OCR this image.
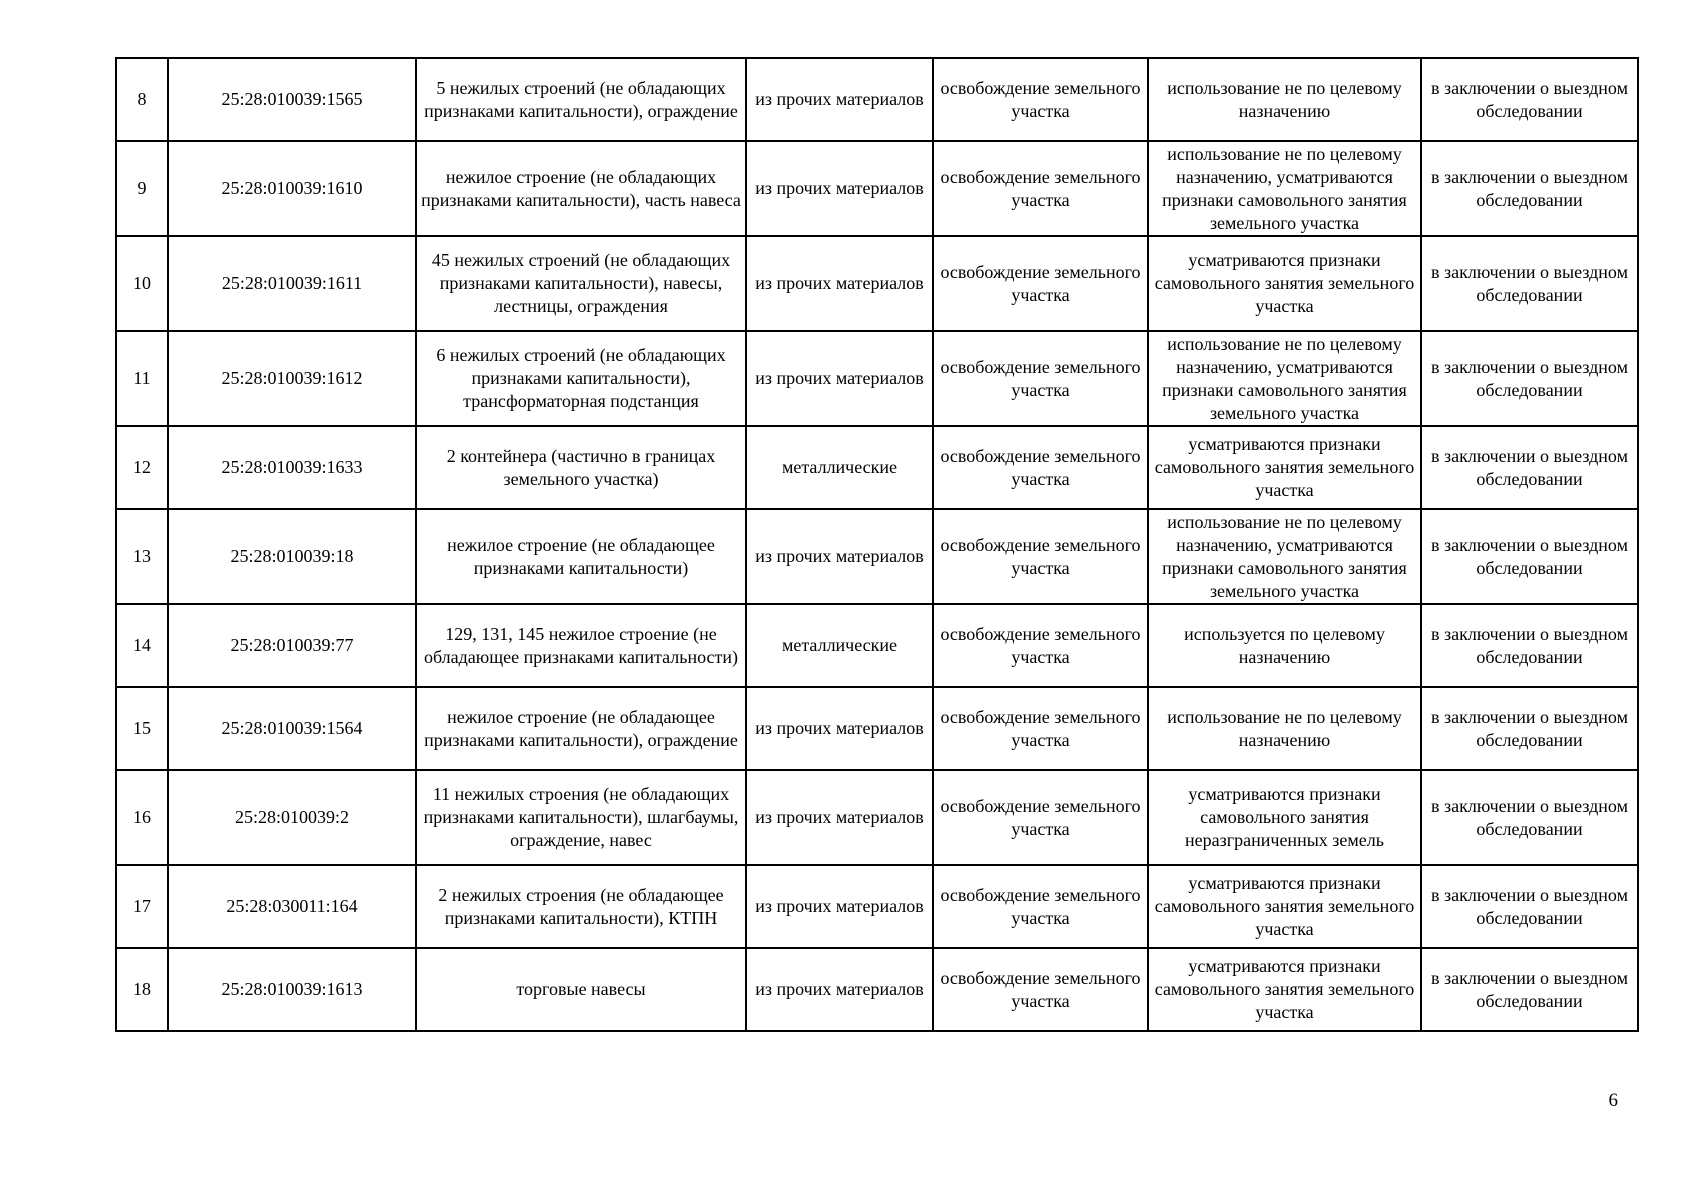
8	25:28:010039:1565	5 нежилых строений (не обладающих признаками капитальности), ограждение	из прочих материалов	освобождение земельного участка	использование не по целевому назначению	в заключении о выездном обследовании
9	25:28:010039:1610	нежилое строение (не обладающих признаками капитальности), часть навеса	из прочих материалов	освобождение земельного участка	использование не по целевому назначению, усматриваются признаки самовольного занятия земельного участка	в заключении о выездном обследовании
10	25:28:010039:1611	45 нежилых строений (не обладающих признаками капитальности), навесы, лестницы, ограждения	из прочих материалов	освобождение земельного участка	усматриваются признаки самовольного занятия земельного участка	в заключении о выездном обследовании
11	25:28:010039:1612	6 нежилых строений (не обладающих признаками капитальности), трансформаторная подстанция	из прочих материалов	освобождение земельного участка	использование не по целевому назначению, усматриваются признаки самовольного занятия земельного участка	в заключении о выездном обследовании
12	25:28:010039:1633	2 контейнера (частично в границах земельного участка)	металлические	освобождение земельного участка	усматриваются признаки самовольного занятия земельного участка	в заключении о выездном обследовании
13	25:28:010039:18	нежилое строение (не обладающее признаками капитальности)	из прочих материалов	освобождение земельного участка	использование не по целевому назначению, усматриваются признаки самовольного занятия земельного участка	в заключении о выездном обследовании
14	25:28:010039:77	129, 131, 145 нежилое строение (не обладающее признаками капитальности)	металлические	освобождение земельного участка	используется по целевому назначению	в заключении о выездном обследовании
15	25:28:010039:1564	нежилое строение (не обладающее признаками капитальности), ограждение	из прочих материалов	освобождение земельного участка	использование не по целевому назначению	в заключении о выездном обследовании
16	25:28:010039:2	11 нежилых строения (не обладающих признаками капитальности), шлагбаумы, ограждение, навес	из прочих материалов	освобождение земельного участка	усматриваются признаки самовольного занятия неразграниченных земель	в заключении о выездном обследовании
17	25:28:030011:164	2 нежилых строения (не обладающее признаками капитальности), КТПН	из прочих материалов	освобождение земельного участка	усматриваются признаки самовольного занятия земельного участка	в заключении о выездном обследовании
18	25:28:010039:1613	торговые навесы	из прочих материалов	освобождение земельного участка	усматриваются признаки самовольного занятия земельного участка	в заключении о выездном обследовании
6
